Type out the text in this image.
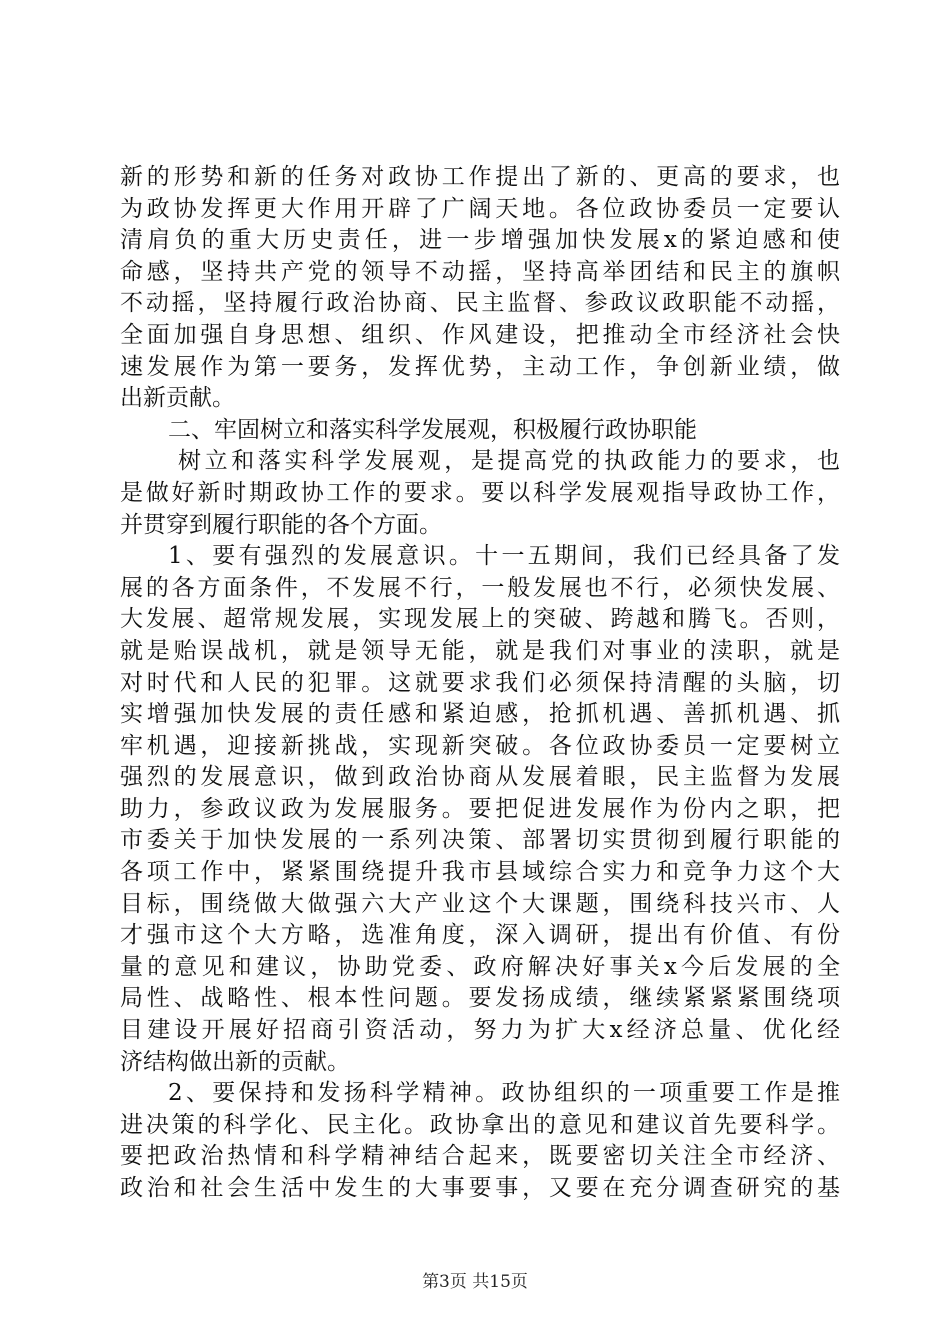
新的形势和新的任务对政协工作提出了新的、更高的要求，也
为政协发挥更大作用开辟了广阔天地。各位政协委员一定要认
清肩负的重大历史责任，进一步增强加快发展x的紧迫感和使
命感，坚持共产党的领导不动摇，坚持高举团结和民主的旗帜
不动摇，坚持履行政治协商、民主监督、参政议政职能不动摇，
全面加强自身思想、组织、作风建设，把推动全市经济社会快
速发展作为第一要务，发挥优势，主动工作，争创新业绩，做
出新贡献。
二、牢固树立和落实科学发展观，积极履行政协职能
树立和落实科学发展观，是提高党的执政能力的要求，也
是做好新时期政协工作的要求。要以科学发展观指导政协工作，
并贯穿到履行职能的各个方面。
1、要有强烈的发展意识。十一五期间，我们已经具备了发
展的各方面条件，不发展不行，一般发展也不行，必须快发展、
大发展、超常规发展，实现发展上的突破、跨越和腾飞。否则，
就是贻误战机，就是领导无能，就是我们对事业的渎职，就是
对时代和人民的犯罪。这就要求我们必须保持清醒的头脑，切
实增强加快发展的责任感和紧迫感，抢抓机遇、善抓机遇、抓
牢机遇，迎接新挑战，实现新突破。各位政协委员一定要树立
强烈的发展意识，做到政治协商从发展着眼，民主监督为发展
助力，参政议政为发展服务。要把促进发展作为份内之职，把
市委关于加快发展的一系列决策、部署切实贯彻到履行职能的
各项工作中，紧紧围绕提升我市县域综合实力和竞争力这个大
目标，围绕做大做强六大产业这个大课题，围绕科技兴市、人
才强市这个大方略，选准角度，深入调研，提出有价值、有份
量的意见和建议，协助党委、政府解决好事关x今后发展的全
局性、战略性、根本性问题。要发扬成绩，继续紧紧紧围绕项
目建设开展好招商引资活动，努力为扩大x经济总量、优化经
济结构做出新的贡献。
2、要保持和发扬科学精神。政协组织的一项重要工作是推
进决策的科学化、民主化。政协拿出的意见和建议首先要科学。
要把政治热情和科学精神结合起来，既要密切关注全市经济、
政治和社会生活中发生的大事要事，又要在充分调查研究的基
第3页 共15页
